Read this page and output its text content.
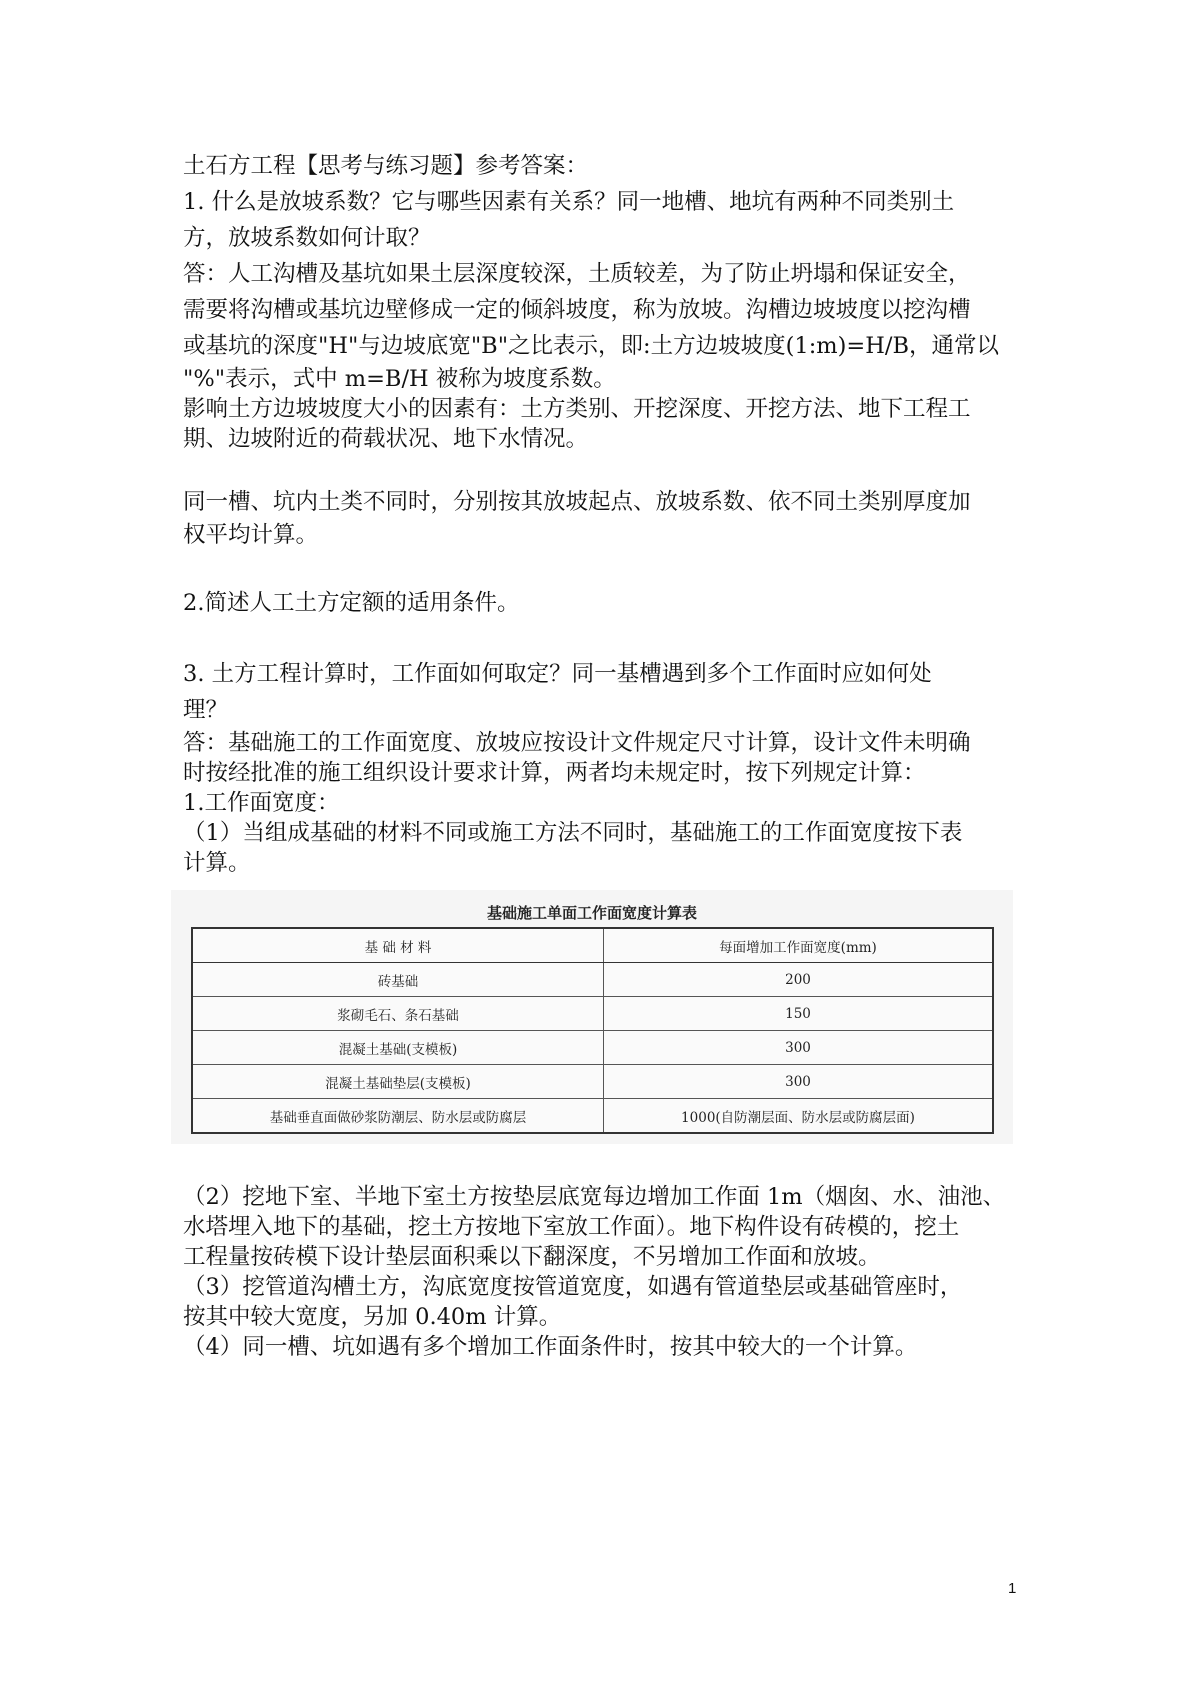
土石方工程【思考与练习题】参考答案：

1. 什么是放坡系数？它与哪些因素有关系？同一地槽、地坑有两种不同类别土

方，放坡系数如何计取？

答：人工沟槽及基坑如果土层深度较深，土质较差，为了防止坍塌和保证安全，

需要将沟槽或基坑边壁修成一定的倾斜坡度，称为放坡。沟槽边坡坡度以挖沟槽

或基坑的深度"H"与边坡底宽"B"之比表示，即:土方边坡坡度(1:m)=H/B，通常以

"%"表示，式中 m=B/H 被称为坡度系数。

影响土方边坡坡度大小的因素有：土方类别、开挖深度、开挖方法、地下工程工

期、边坡附近的荷载状况、地下水情况。

同一槽、坑内土类不同时，分别按其放坡起点、放坡系数、依不同土类别厚度加

权平均计算。

2.简述人工土方定额的适用条件。

3. 土方工程计算时，工作面如何取定？同一基槽遇到多个工作面时应如何处

理？

答：基础施工的工作面宽度、放坡应按设计文件规定尺寸计算，设计文件未明确

时按经批准的施工组织设计要求计算，两者均未规定时，按下列规定计算：

1.工作面宽度：

（1）当组成基础的材料不同或施工方法不同时，基础施工的工作面宽度按下表

计算。

基础施工单面工作面宽度计算表
基 础 材 料	每面增加工作面宽度(mm)
砖基础	200
浆砌毛石、条石基础	150
混凝土基础(支模板)	300
混凝土基础垫层(支模板)	300
基础垂直面做砂浆防潮层、防水层或防腐层	1000(自防潮层面、防水层或防腐层面)

（2）挖地下室、半地下室土方按垫层底宽每边增加工作面 1m（烟囱、水、油池、

水塔埋入地下的基础，挖土方按地下室放工作面）。地下构件设有砖模的，挖土

工程量按砖模下设计垫层面积乘以下翻深度，不另增加工作面和放坡。

（3）挖管道沟槽土方，沟底宽度按管道宽度，如遇有管道垫层或基础管座时，

按其中较大宽度，另加 0.40m 计算。

（4）同一槽、坑如遇有多个增加工作面条件时，按其中较大的一个计算。

1
